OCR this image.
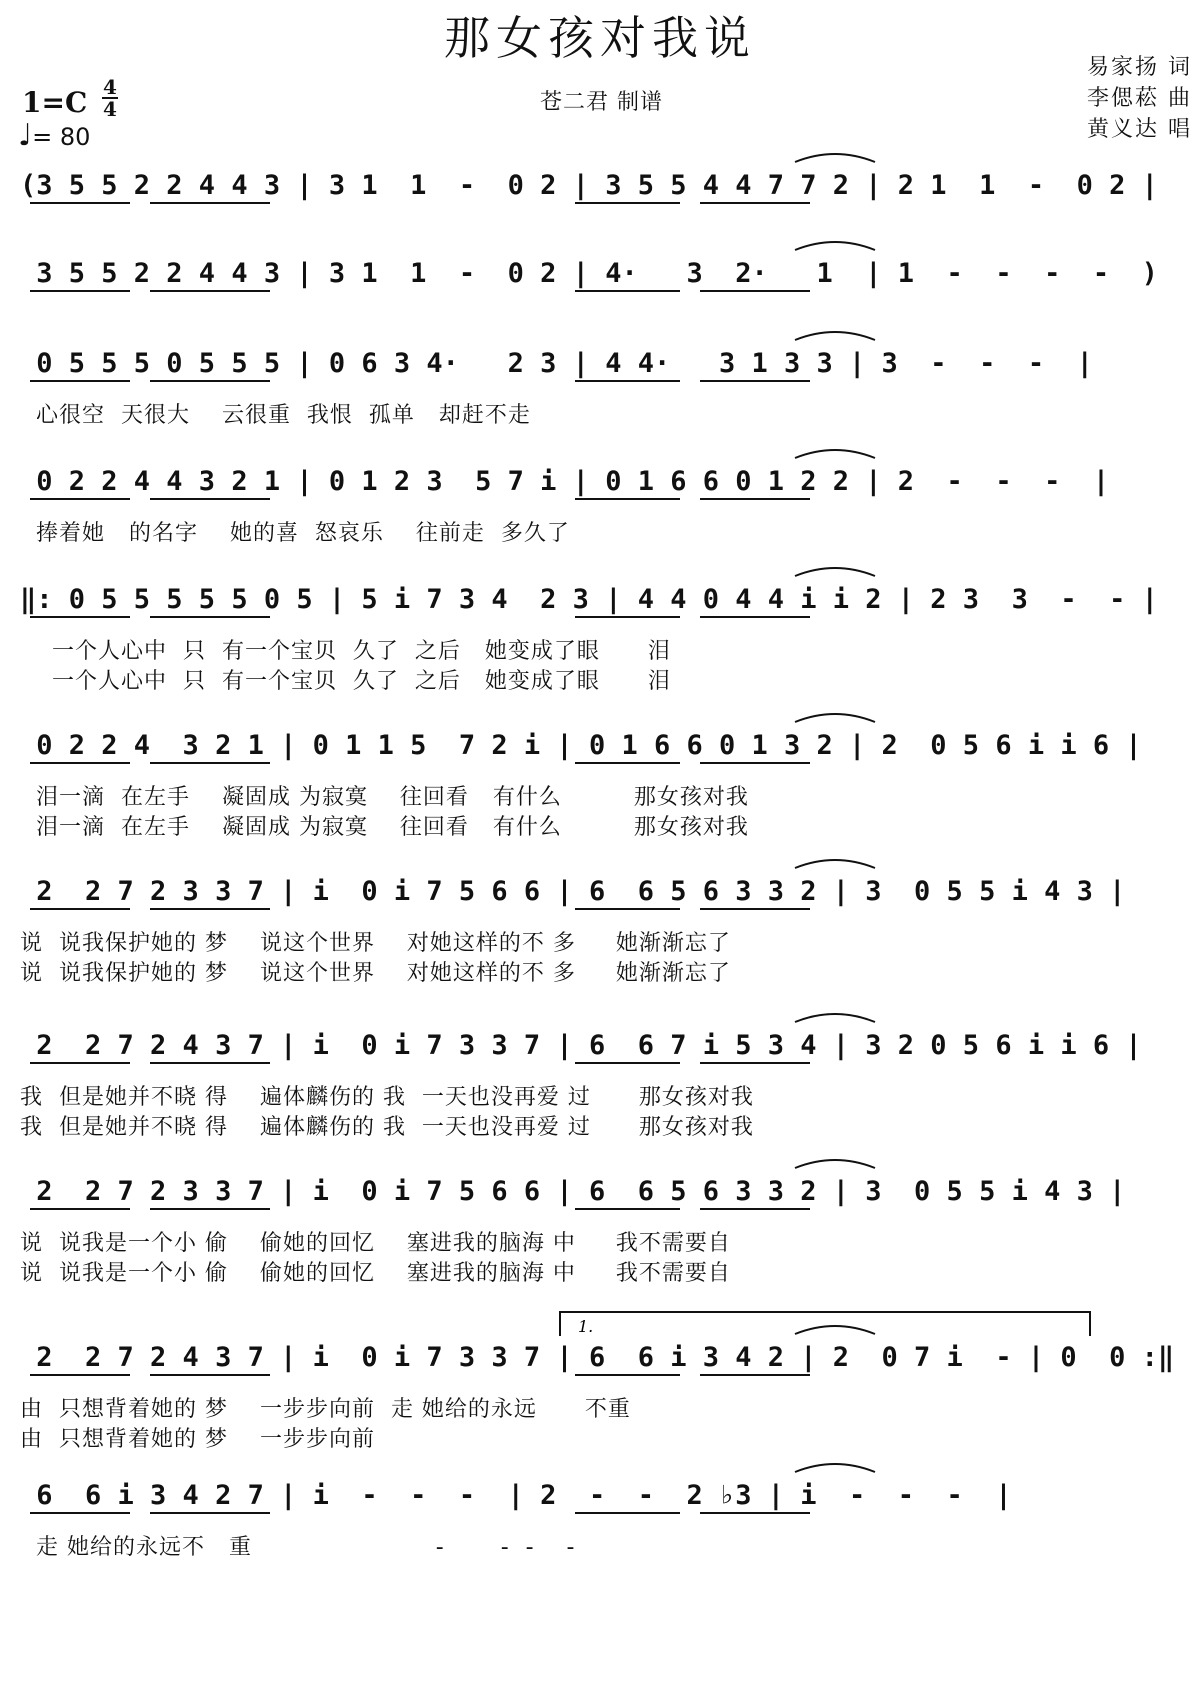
那女孩对我说
苍二君 制谱
易家扬 词
李偲菘 曲
黄义达 唱
1=C 4
4
♩= 80
(3 5 5 2 2 4 4 3 | 3 1  1  -  0 2 | 3 5 5 4 4 7 7 2 | 2 1  1  -  0 2 |
3 5 5 2 2 4 4 3 | 3 1  1  -  0 2 | 4·   3  2·   1  | 1  -  -  -  -  )
0 5 5 5 0 5 5 5 | 0 6 3 4·   2 3 | 4 4·   3 1 3 3 | 3  -  -  -  |
心很空  天很大    云很重  我恨  孤单   却赶不走
0 2 2 4 4 3 2 1 | 0 1 2 3  5 7 i | 0 1 6 6 0 1 2 2 | 2  -  -  -  |
捧着她   的名字    她的喜  怒哀乐    往前走  多久了
‖: 0 5 5 5 5 5 0 5 | 5 i 7 3 4  2 3 | 4 4 0 4 4 i i 2 | 2 3  3  -  - |
一个人心中  只  有一个宝贝  久了  之后   她变成了眼      泪
一个人心中  只  有一个宝贝  久了  之后   她变成了眼      泪
0 2 2 4  3 2 1 | 0 1 1 5  7 2 i | 0 1 6 6 0 1 3 2 | 2  0 5 6 i i 6 |
泪一滴  在左手    凝固成 为寂寞    往回看   有什么         那女孩对我
泪一滴  在左手    凝固成 为寂寞    往回看   有什么         那女孩对我
2  2 7 2 3 3 7 | i  0 i 7 5 6 6 | 6  6 5 6 3 3 2 | 3  0 5 5 i 4 3 |
说  说我保护她的 梦    说这个世界    对她这样的不 多     她渐渐忘了
说  说我保护她的 梦    说这个世界    对她这样的不 多     她渐渐忘了
2  2 7 2 4 3 7 | i  0 i 7 3 3 7 | 6  6 7 i 5 3 4 | 3 2 0 5 6 i i 6 |
我  但是她并不晓 得    遍体麟伤的 我  一天也没再爱 过      那女孩对我
我  但是她并不晓 得    遍体麟伤的 我  一天也没再爱 过      那女孩对我
2  2 7 2 3 3 7 | i  0 i 7 5 6 6 | 6  6 5 6 3 3 2 | 3  0 5 5 i 4 3 |
说  说我是一个小 偷    偷她的回忆    塞进我的脑海 中     我不需要自
说  说我是一个小 偷    偷她的回忆    塞进我的脑海 中     我不需要自
2  2 7 2 4 3 7 | i  0 i 7 3 3 7 | 6  6 i 3 4 2 | 2  0 7 i  - | 0  0 :‖
由  只想背着她的 梦    一步步向前  走 她给的永远      不重
由  只想背着她的 梦    一步步向前
6  6 i 3 4 2 7 | i  -  -  -  | 2  -  -  2 ♭3 | i  -  -  -  |
走 她给的永远不   重                       -       -  -    -
1.
